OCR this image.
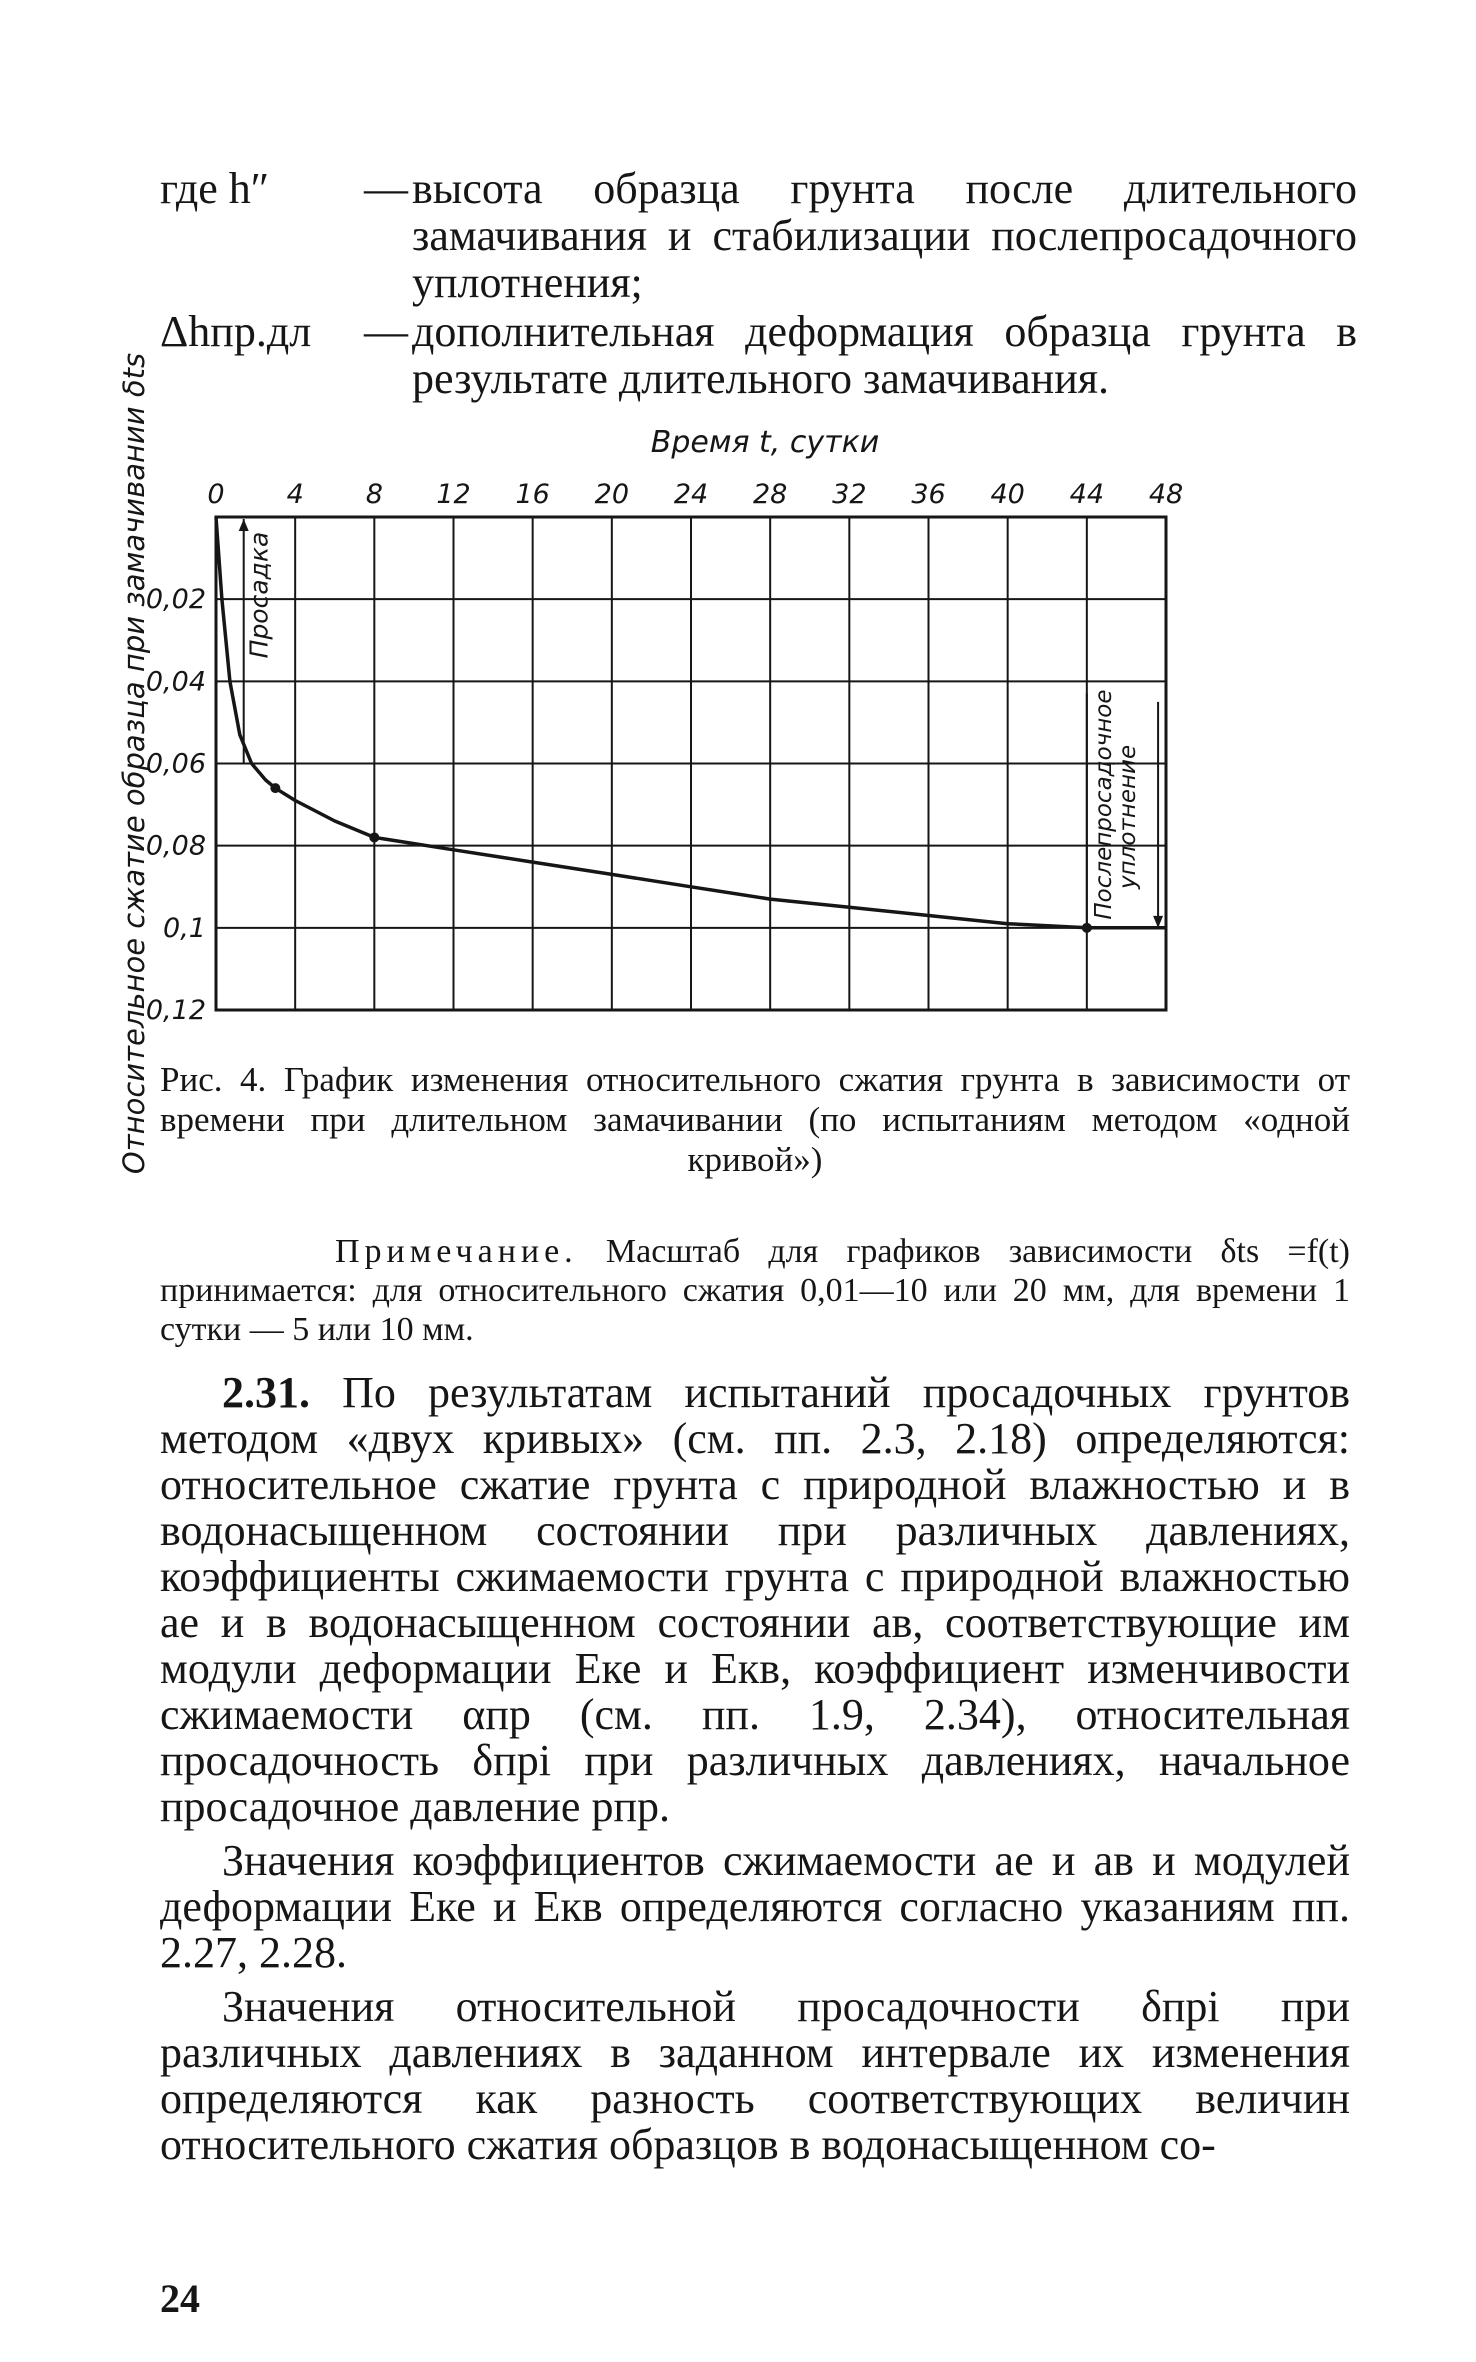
где h″	— высота образца грунта после длительного замачивания и стабилизации послепросадочного уплотнения;
Δhпр.дл	— дополнительная деформация образца грунта в результате длительного замачивания.
Время t, сутки
Относительное сжатие образца при замачивании δts 0 4 8 12 16 20 24 28 32 36 40 44 48
0,02
0,04
0,06
0,08
0,1
0,12
Просадка
Послепросадочное
уплотнение
Рис. 4. График изменения относительного сжатия грунта в зависимости от времени при длительном замачивании (по испытаниям методом «одной кривой»)
Примечание. Масштаб для графиков зависимости δts =f(t) принимается: для относительного сжатия 0,01—10 или 20 мм, для времени 1 сутки — 5 или 10 мм.

2.31. По результатам испытаний просадочных грунтов методом «двух кривых» (см. пп. 2.3, 2.18) определяются: относительное сжатие грунта с природной влажностью и в водонасыщенном состоянии при различных давлениях, коэффициенты сжимаемости грунта с природной влажностью ae и в водонасыщенном состоянии aв, соответствующие им модули деформации Eке и Eкв, коэффициент изменчивости сжимаемости αпр (см. пп. 1.9, 2.34), относительная просадочность δпрi при различных давлениях, начальное просадочное давление pпр.

Значения коэффициентов сжимаемости ae и aв и модулей деформации Eке и Eкв определяются согласно указаниям пп. 2.27, 2.28.

Значения относительной просадочности δпрi при различных давлениях в заданном интервале их изменения определяются как разность соответствующих величин относительного сжатия образцов в водонасыщенном со-

24
